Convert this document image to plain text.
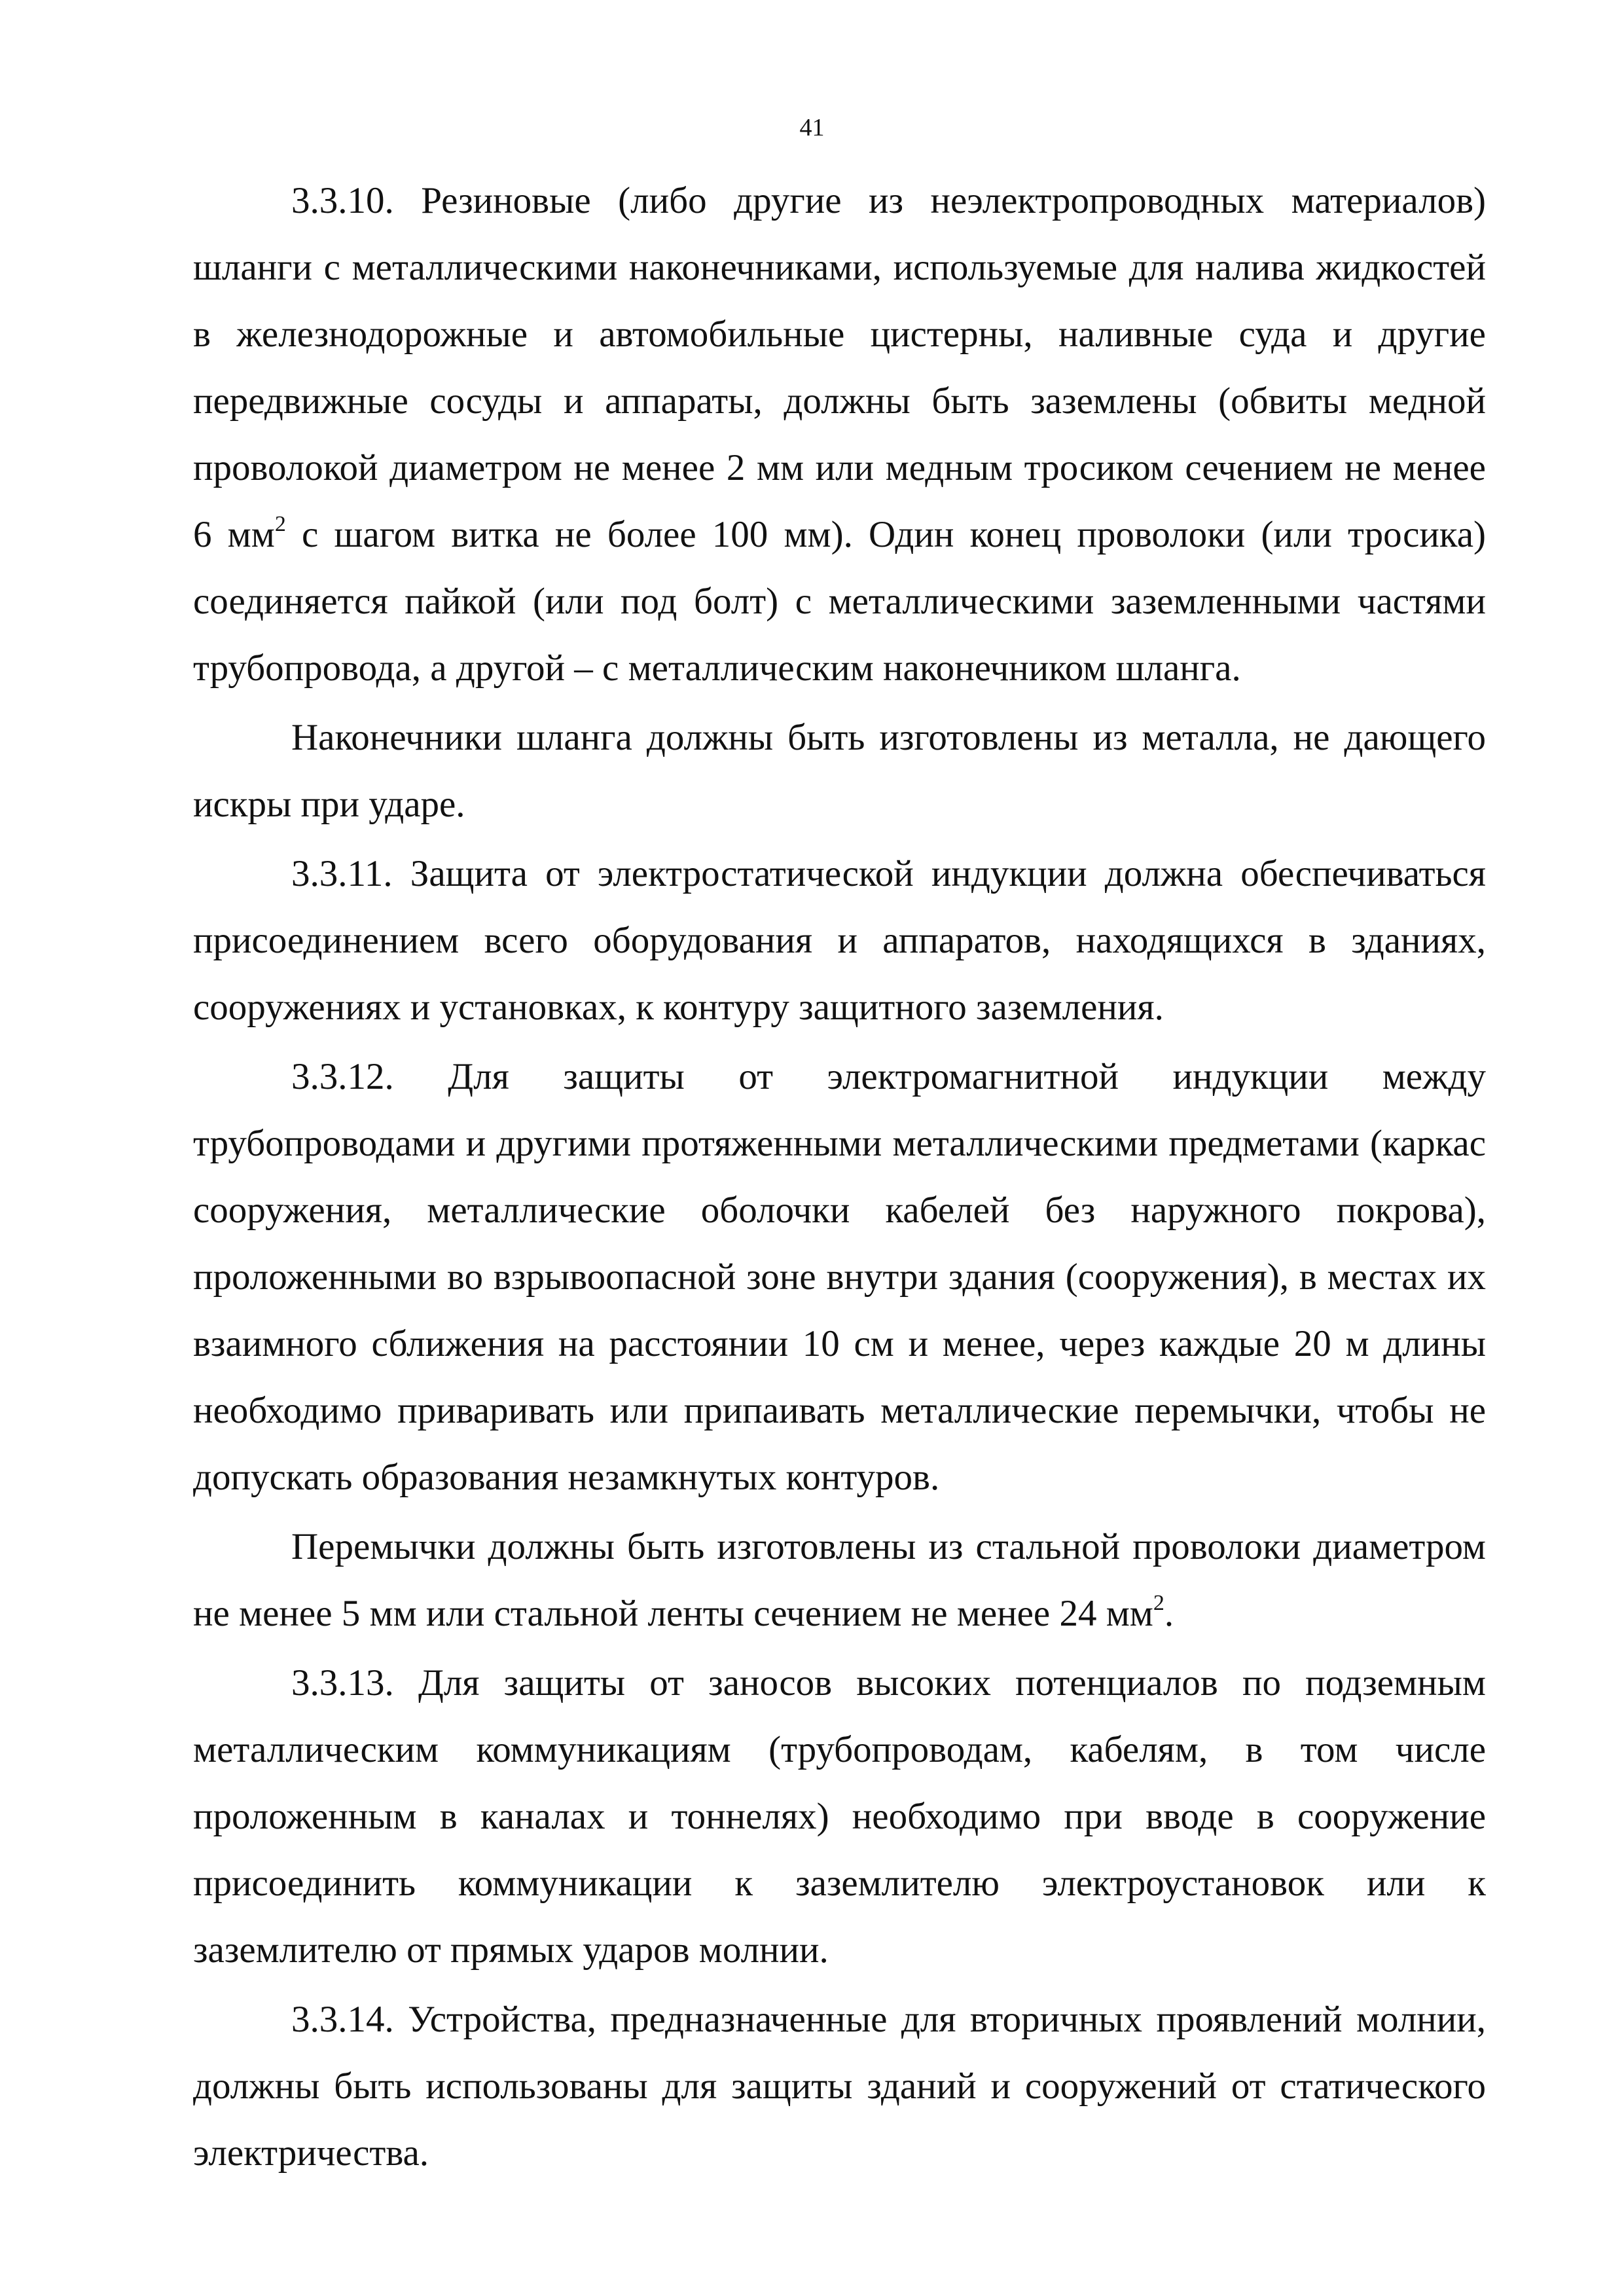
41

3.3.10. Резиновые (либо другие из неэлектропроводных материалов) шланги с металлическими наконечниками, используемые для налива жидкостей в железнодорожные и автомобильные цистерны, наливные суда и другие передвижные сосуды и аппараты, должны быть заземлены (обвиты медной проволокой диаметром не менее 2 мм или медным тросиком сечением не менее 6 $мм^2$ с шагом витка не более 100 мм). Один конец проволоки (или тросика) соединяется пайкой (или под болт) с металлическими заземленными частями трубопровода, а другой – с металлическим наконечником шланга.

Наконечники шланга должны быть изготовлены из металла, не дающего искры при ударе.

3.3.11. Защита от электростатической индукции должна обеспечиваться присоединением всего оборудования и аппаратов, находящихся в зданиях, сооружениях и установках, к контуру защитного заземления.

3.3.12. Для защиты от электромагнитной индукции между трубопроводами и другими протяженными металлическими предметами (каркас сооружения, металлические оболочки кабелей без наружного покрова), проложенными во взрывоопасной зоне внутри здания (сооружения), в местах их взаимного сближения на расстоянии 10 см и менее, через каждые 20 м длины необходимо приваривать или припаивать металлические перемычки, чтобы не допускать образования незамкнутых контуров.

Перемычки должны быть изготовлены из стальной проволоки диаметром не менее 5 мм или стальной ленты сечением не менее 24 $мм^2$.

3.3.13. Для защиты от заносов высоких потенциалов по подземным металлическим коммуникациям (трубопроводам, кабелям, в том числе проложенным в каналах и тоннелях) необходимо при вводе в сооружение присоединить коммуникации к заземлителю электроустановок или к заземлителю от прямых ударов молнии.

3.3.14. Устройства, предназначенные для вторичных проявлений молнии, должны быть использованы для защиты зданий и сооружений от статического электричества.
